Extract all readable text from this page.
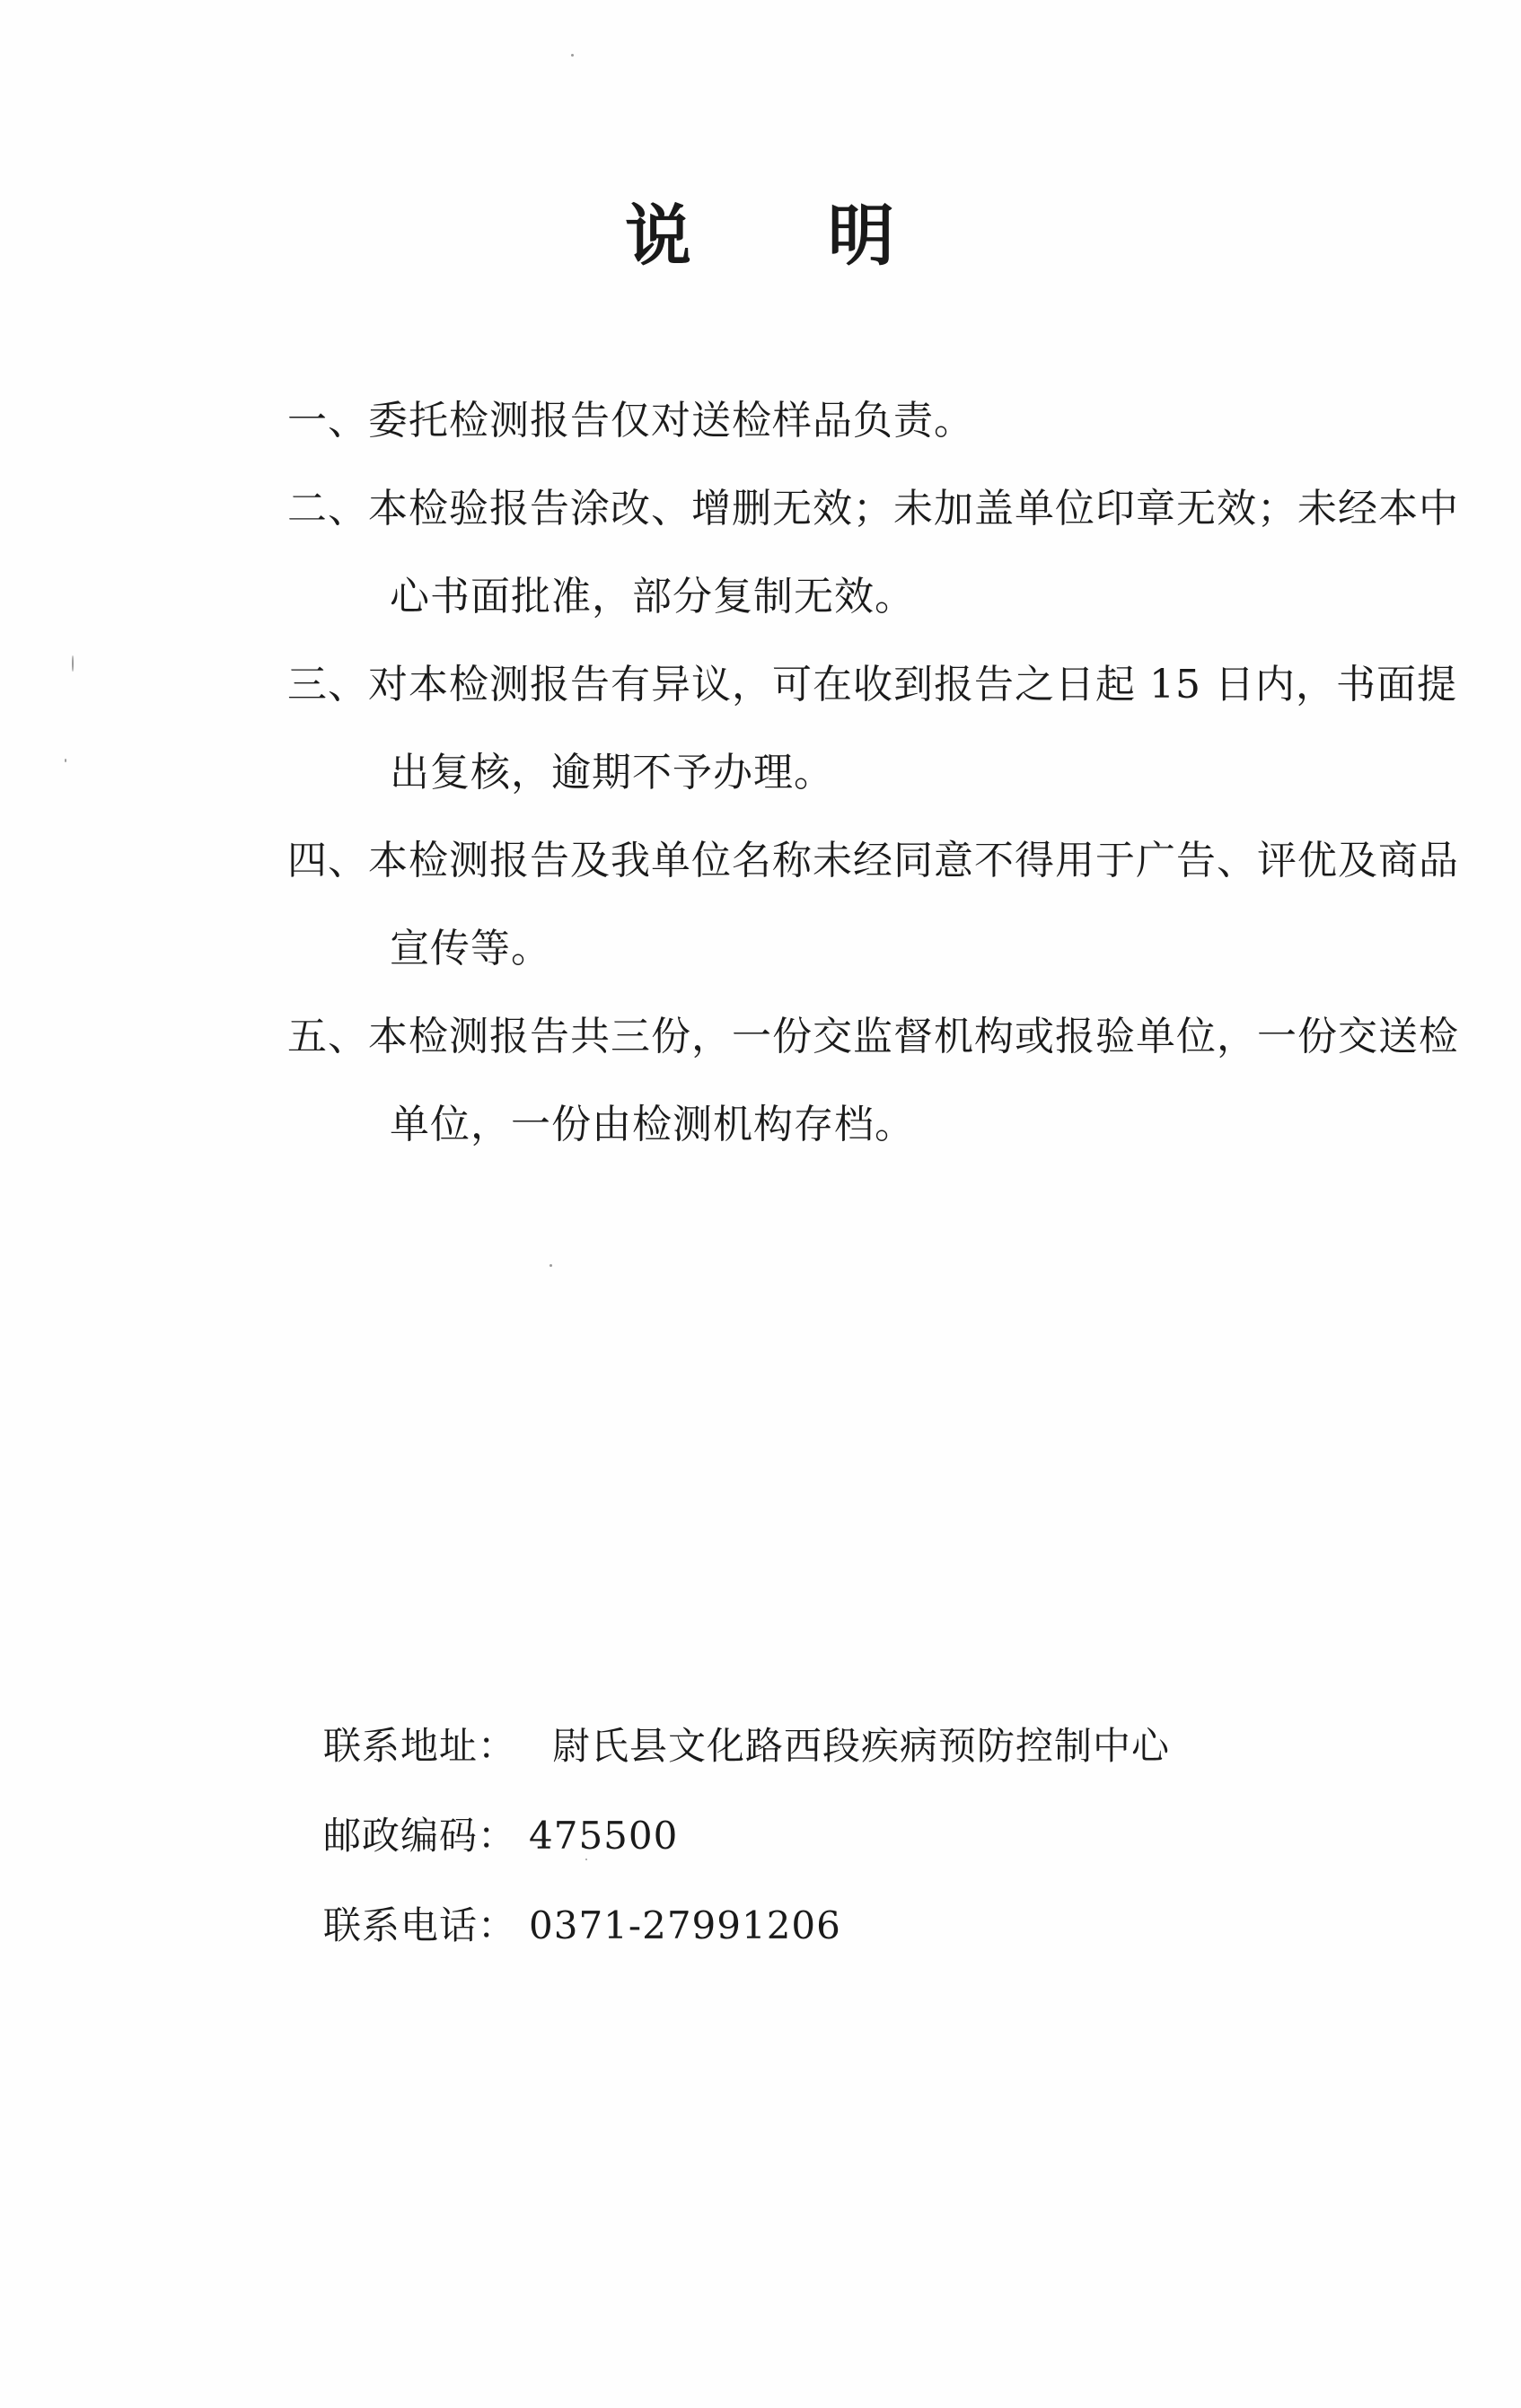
说 明
一、委托检测报告仅对送检样品负责。
二、本检验报告涂改、增删无效；未加盖单位印章无效；未经本中心书面批准，部分复制无效。
三、对本检测报告有异议，可在收到报告之日起 15 日内，书面提出复核，逾期不予办理。
四、本检测报告及我单位名称未经同意不得用于广告、评优及商品宣传等。
五、本检测报告共三份，一份交监督机构或报验单位，一份交送检单位，一份由检测机构存档。
联系地址： 尉氏县文化路西段疾病预防控制中心
邮政编码： 475500
联系电话： 0371-27991206
